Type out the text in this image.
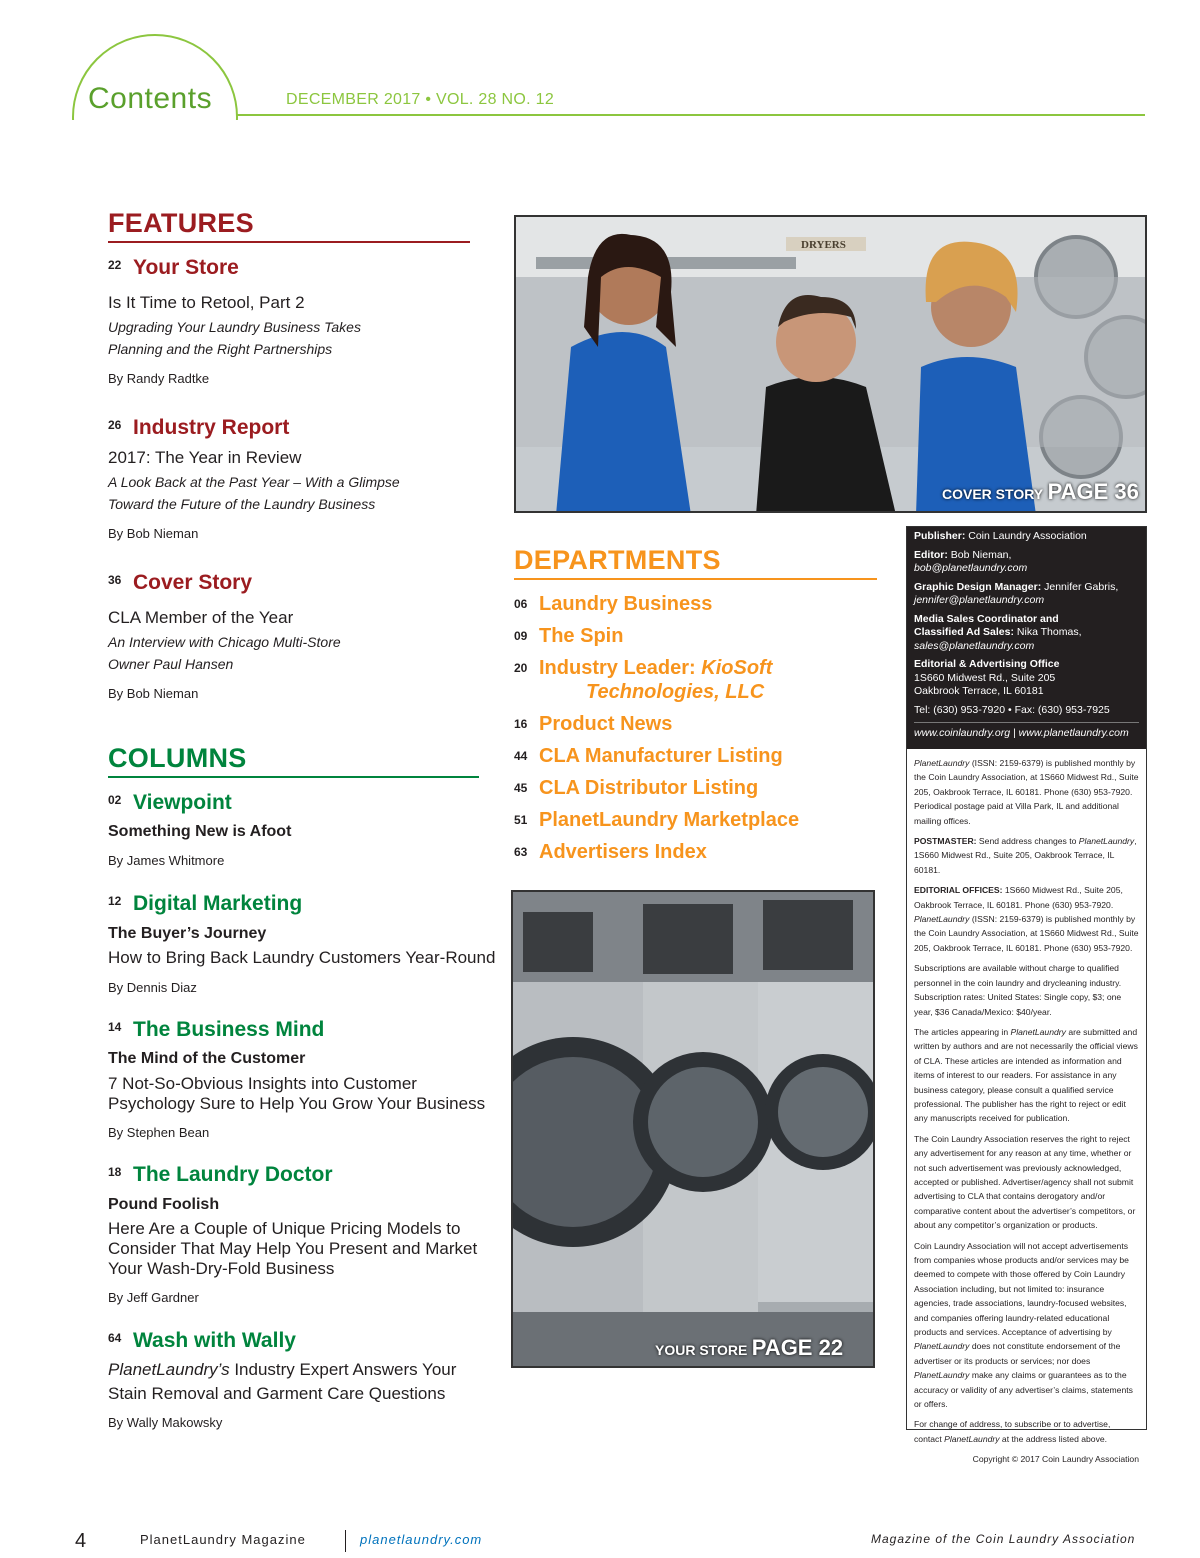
Contents	DECEMBER 2017 • VOL. 28 NO. 12
FEATURES
22 Your Store
Is It Time to Retool, Part 2
Upgrading Your Laundry Business Takes
Planning and the Right Partnerships
By Randy Radtke
26 Industry Report
2017: The Year in Review
A Look Back at the Past Year – With a Glimpse
Toward the Future of the Laundry Business
By Bob Nieman
36 Cover Story
CLA Member of the Year
An Interview with Chicago Multi-Store
Owner Paul Hansen
By Bob Nieman
COLUMNS
02 Viewpoint
Something New is Afoot
By James Whitmore
12 Digital Marketing
The Buyer’s Journey
How to Bring Back Laundry Customers Year-Round
By Dennis Diaz
14 The Business Mind
The Mind of the Customer
7 Not-So-Obvious Insights into Customer
Psychology Sure to Help You Grow Your Business
By Stephen Bean
18 The Laundry Doctor
Pound Foolish
Here Are a Couple of Unique Pricing Models to
Consider That May Help You Present and Market
Your Wash-Dry-Fold Business
By Jeff Gardner
64 Wash with Wally
PlanetLaundry’s Industry Expert Answers Your
Stain Removal and Garment Care Questions
By Wally Makowsky
DRYERS
COVER STORY PAGE 36
DEPARTMENTS
06 Laundry Business
09 The Spin
20 Industry Leader: KioSoft
Technologies, LLC
16 Product News
44 CLA Manufacturer Listing
45 CLA Distributor Listing
51 PlanetLaundry Marketplace
63 Advertisers Index
YOUR STORE PAGE 22

Publisher: Coin Laundry Association

Editor: Bob Nieman,
bob@planetlaundry.com

Graphic Design Manager: Jennifer Gabris,
jennifer@planetlaundry.com

Media Sales Coordinator and
Classified Ad Sales: Nika Thomas,
sales@planetlaundry.com

Editorial & Advertising Office
1S660 Midwest Rd., Suite 205
Oakbrook Terrace, IL 60181

Tel: (630) 953-7920 • Fax: (630) 953-7925

www.coinlaundry.org | www.planetlaundry.com

PlanetLaundry (ISSN: 2159-6379) is published monthly by the Coin Laundry Association, at 1S660 Midwest Rd., Suite 205, Oakbrook Terrace, IL 60181. Phone (630) 953-7920. Periodical postage paid at Villa Park, IL and additional mailing offices.

POSTMASTER: Send address changes to PlanetLaundry, 1S660 Midwest Rd., Suite 205, Oakbrook Terrace, IL 60181.

EDITORIAL OFFICES: 1S660 Midwest Rd., Suite 205, Oakbrook Terrace, IL 60181. Phone (630) 953-7920. PlanetLaundry (ISSN: 2159-6379) is published monthly by the Coin Laundry Association, at 1S660 Midwest Rd., Suite 205, Oakbrook Terrace, IL 60181. Phone (630) 953-7920.

Subscriptions are available without charge to qualified personnel in the coin laundry and drycleaning industry. Subscription rates: United States: Single copy, $3; one year, $36 Canada/Mexico: $40/year.

The articles appearing in PlanetLaundry are submitted and written by authors and are not necessarily the official views of CLA. These articles are intended as information and items of interest to our readers. For assistance in any business category, please consult a qualified service professional. The publisher has the right to reject or edit any manuscripts received for publication.

The Coin Laundry Association reserves the right to reject any advertisement for any reason at any time, whether or not such advertisement was previously acknowledged, accepted or published. Advertiser/agency shall not submit advertising to CLA that contains derogatory and/or comparative content about the advertiser’s competitors, or about any competitor’s organization or products.

Coin Laundry Association will not accept advertisements from companies whose products and/or services may be deemed to compete with those offered by Coin Laundry Association including, but not limited to: insurance agencies, trade associations, laundry-focused websites, and companies offering laundry-related educational products and services. Acceptance of advertising by PlanetLaundry does not constitute endorsement of the advertiser or its products or services; nor does PlanetLaundry make any claims or guarantees as to the accuracy or validity of any advertiser’s claims, statements or offers.

For change of address, to subscribe or to advertise, contact PlanetLaundry at the address listed above.

Copyright © 2017 Coin Laundry Association

4	PlanetLaundry Magazine	planetlaundry.com	Magazine of the Coin Laundry Association
